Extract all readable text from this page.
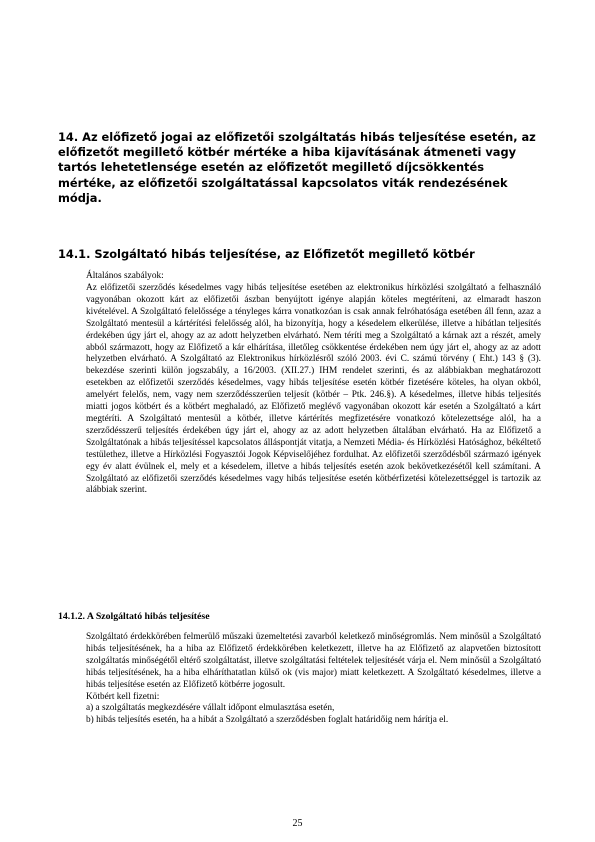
14. Az előfizető jogai az előfizetői szolgáltatás hibás teljesítése esetén, az előfizetőt megillető kötbér mértéke a hiba kijavításának átmeneti vagy tartós lehetetlensége esetén az előfizetőt megillető díjcsökkentés mértéke, az előfizetői szolgáltatással kapcsolatos viták rendezésének módja.
14.1. Szolgáltató hibás teljesítése, az Előfizetőt megillető kötbér
Általános szabályok:
Az előfizetői szerződés késedelmes vagy hibás teljesítése esetében az elektronikus hírközlési szolgáltató a felhasználó vagyonában okozott kárt az előfizetői ászban benyújtott igénye alapján köteles megtéríteni, az elmaradt haszon kivételével. A Szolgáltató felelőssége a tényleges kárra vonatkozóan is csak annak felróhatósága esetében áll fenn, azaz a Szolgáltató mentesül a kártérítési felelősség alól, ha bizonyítja, hogy a késedelem elkerülése, illetve a hibátlan teljesítés érdekében úgy járt el, ahogy az az adott helyzetben elvárható. Nem téríti meg a Szolgáltató a kárnak azt a részét, amely abból származott, hogy az Előfizető a kár elhárítása, illetőleg csökkentése érdekében nem úgy járt el, ahogy az az adott helyzetben elvárható. A Szolgáltató az Elektronikus hírközlésről szóló 2003. évi C. számú törvény ( Eht.) 143 § (3). bekezdése szerinti külön jogszabály, a 16/2003. (XII.27.) IHM rendelet szerinti, és az alábbiakban meghatározott esetekben az előfizetői szerződés késedelmes, vagy hibás teljesítése esetén kötbér fizetésére köteles, ha olyan okból, amelyért felelős, nem, vagy nem szerződésszerűen teljesít (kötbér – Ptk. 246.§). A késedelmes, illetve hibás teljesítés miatti jogos kötbért és a kötbért meghaladó, az Előfizető meglévő vagyonában okozott kár esetén a Szolgáltató a kárt megtéríti. A Szolgáltató mentesül a kötbér, illetve kártérítés megfizetésére vonatkozó kötelezettsége alól, ha a szerződésszerű teljesítés érdekében úgy járt el, ahogy az az adott helyzetben általában elvárható. Ha az Előfizető a Szolgáltatónak a hibás teljesítéssel kapcsolatos álláspontját vitatja, a Nemzeti Média- és Hírközlési Hatósághoz, békéltető testülethez, illetve a Hírközlési Fogyasztói Jogok Képviselőjéhez fordulhat. Az előfizetői szerződésből származó igények egy év alatt évülnek el, mely et a késedelem, illetve a hibás teljesítés esetén azok bekövetkezésétől kell számítani. A Szolgáltató az előfizetői szerződés késedelmes vagy hibás teljesítése esetén kötbérfizetési kötelezettséggel is tartozik az alábbiak szerint.
14.1.2. A Szolgáltató hibás teljesítése

Szolgáltató érdekkörében felmerülő műszaki üzemeltetési zavarból keletkező minőségromlás. Nem minősül a Szolgáltató hibás teljesítésének, ha a hiba az Előfizető érdekkörében keletkezett, illetve ha az Előfizető az alapvetően biztosított szolgáltatás minőségétől eltérő szolgáltatást, illetve szolgáltatási feltételek teljesítését várja el. Nem minősül a Szolgáltató hibás teljesítésének, ha a hiba elháríthatatlan külső ok (vis major) miatt keletkezett. A Szolgáltató késedelmes, illetve a hibás teljesítése esetén az Előfizető kötbérre jogosult.

Kötbért kell fizetni:

a) a szolgáltatás megkezdésére vállalt időpont elmulasztása esetén,

b) hibás teljesítés esetén, ha a hibát a Szolgáltató a szerződésben foglalt határidőig nem hárítja el.

25
